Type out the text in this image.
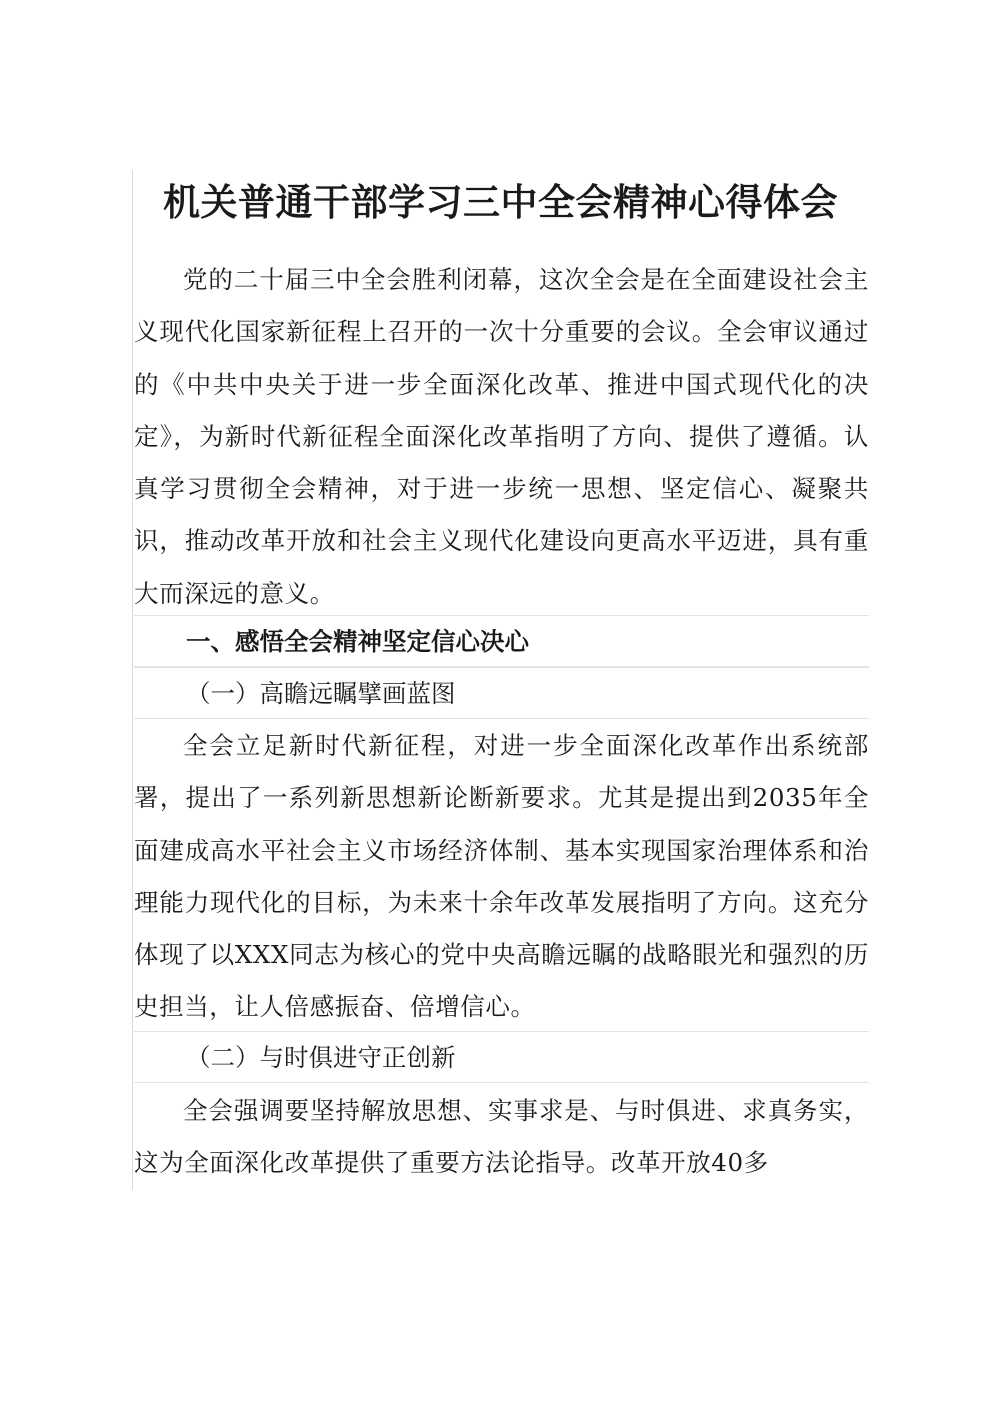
机关普通干部学习三中全会精神心得体会

党的二十届三中全会胜利闭幕，这次全会是在全面建设社会主义现代化国家新征程上召开的一次十分重要的会议。全会审议通过的《中共中央关于进一步全面深化改革、推进中国式现代化的决定》，为新时代新征程全面深化改革指明了方向、提供了遵循。认真学习贯彻全会精神，对于进一步统一思想、坚定信心、凝聚共识，推动改革开放和社会主义现代化建设向更高水平迈进，具有重大而深远的意义。

一、感悟全会精神坚定信心决心
（一）高瞻远瞩擘画蓝图

全会立足新时代新征程，对进一步全面深化改革作出系统部署，提出了一系列新思想新论断新要求。尤其是提出到2035年全面建成高水平社会主义市场经济体制、基本实现国家治理体系和治理能力现代化的目标，为未来十余年改革发展指明了方向。这充分体现了以XXX同志为核心的党中央高瞻远瞩的战略眼光和强烈的历史担当，让人倍感振奋、倍增信心。

（二）与时俱进守正创新

全会强调要坚持解放思想、实事求是、与时俱进、求真务实，这为全面深化改革提供了重要方法论指导。改革开放40多
